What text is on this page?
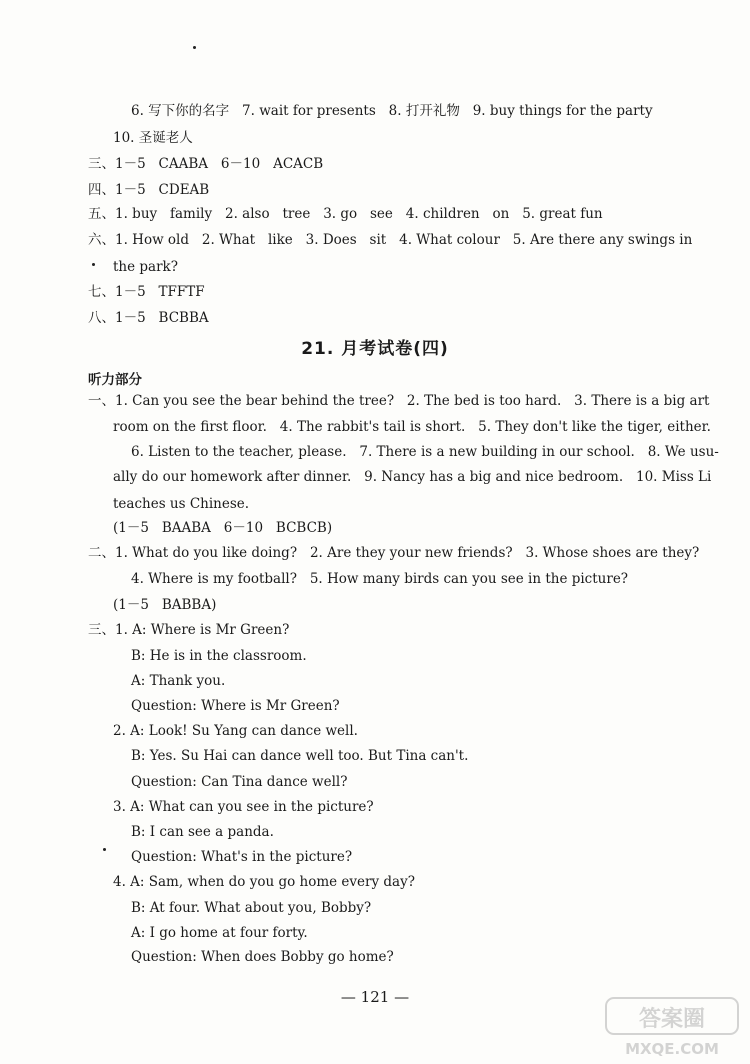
6. 写下你的名字   7. wait for presents   8. 打开礼物   9. buy things for the party
10. 圣诞老人
三、1－5   CAABA   6－10   ACACB
四、1－5   CDEAB
五、1. buy   family   2. also   tree   3. go   see   4. children   on   5. great fun
六、1. How old   2. What   like   3. Does   sit   4. What colour   5. Are there any swings in
the park?
七、1－5   TFFTF
八、1－5   BCBBA
21. 月考试卷(四)
听力部分
一、1. Can you see the bear behind the tree?   2. The bed is too hard.   3. There is a big art
room on the first floor.   4. The rabbit's tail is short.   5. They don't like the tiger, either.
6. Listen to the teacher, please.   7. There is a new building in our school.   8. We usu-
ally do our homework after dinner.   9. Nancy has a big and nice bedroom.   10. Miss Li
teaches us Chinese.
(1－5   BAABA   6－10   BCBCB)
二、1. What do you like doing?   2. Are they your new friends?   3. Whose shoes are they?
4. Where is my football?   5. How many birds can you see in the picture?
(1－5   BABBA)
三、1. A: Where is Mr Green?
B: He is in the classroom.
A: Thank you.
Question: Where is Mr Green?
2. A: Look! Su Yang can dance well.
B: Yes. Su Hai can dance well too. But Tina can't.
Question: Can Tina dance well?
3. A: What can you see in the picture?
B: I can see a panda.
Question: What's in the picture?
4. A: Sam, when do you go home every day?
B: At four. What about you, Bobby?
A: I go home at four forty.
Question: When does Bobby go home?
— 121 —
答案圈
MXQE.COM
